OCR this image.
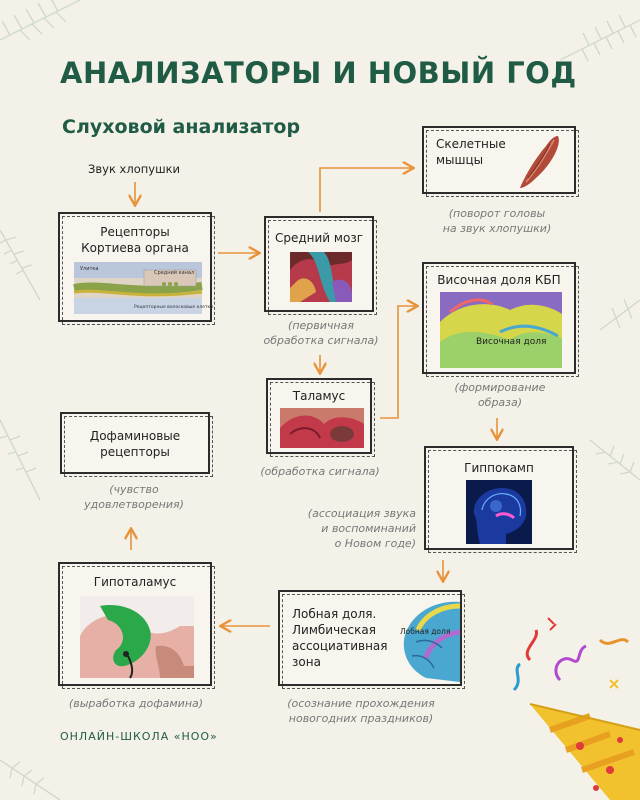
АНАЛИЗАТОРЫ И НОВЫЙ ГОД
Слуховой анализатор
Звук хлопушки
Рецепторы
Кортиева органа
Улитка
Средний канал
Рецепторные волосковые клетки
Средний мозг
(первичная
обработка сигнала)
Скелетные
мышцы
(поворот головы
на звук хлопушки)
Височная доля КБП
Височная доля
(формирование
образа)
Таламус
(обработка сигнала)	Гиппокамп
(ассоциация звука
и воспоминаний
о Новом годе)
Лобная доля.
Лимбическая
ассоциативная
зона
Лобная доля
(осознание прохождения
новогодних праздников)
Гипоталамус
(выработка дофамина)
Дофаминовые
рецепторы
(чувство
удовлетворения)
ОНЛАЙН-ШКОЛА «НОО»
